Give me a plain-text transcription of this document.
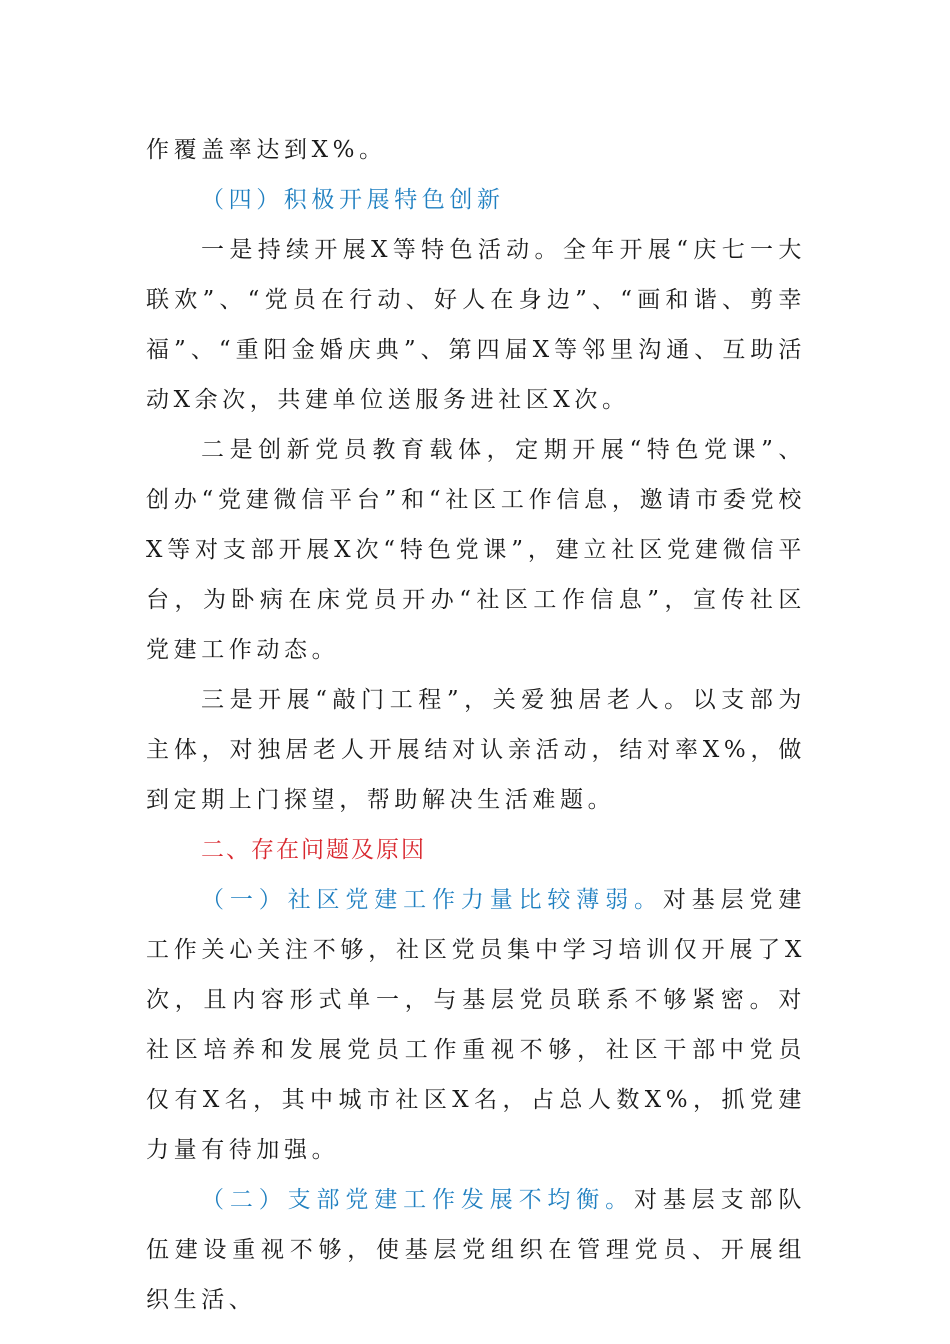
作覆盖率达到X%。

（四）积极开展特色创新

一是持续开展X等特色活动。全年开展“庆七一大联欢”、“党员在行动、好人在身边”、“画和谐、剪幸福”、“重阳金婚庆典”、第四届X等邻里沟通、互助活动X余次，共建单位送服务进社区X次。

二是创新党员教育载体，定期开展“特色党课”、创办“党建微信平台”和“社区工作信息，邀请市委党校X等对支部开展X次“特色党课”，建立社区党建微信平台，为卧病在床党员开办“社区工作信息”，宣传社区党建工作动态。

三是开展“敲门工程”，关爱独居老人。以支部为主体，对独居老人开展结对认亲活动，结对率X%，做到定期上门探望，帮助解决生活难题。

二、存在问题及原因

（一）社区党建工作力量比较薄弱。对基层党建工作关心关注不够，社区党员集中学习培训仅开展了X次，且内容形式单一，与基层党员联系不够紧密。对社区培养和发展党员工作重视不够，社区干部中党员仅有X名，其中城市社区X名，占总人数X%，抓党建力量有待加强。

（二）支部党建工作发展不均衡。对基层支部队伍建设重视不够，使基层党组织在管理党员、开展组织生活、
